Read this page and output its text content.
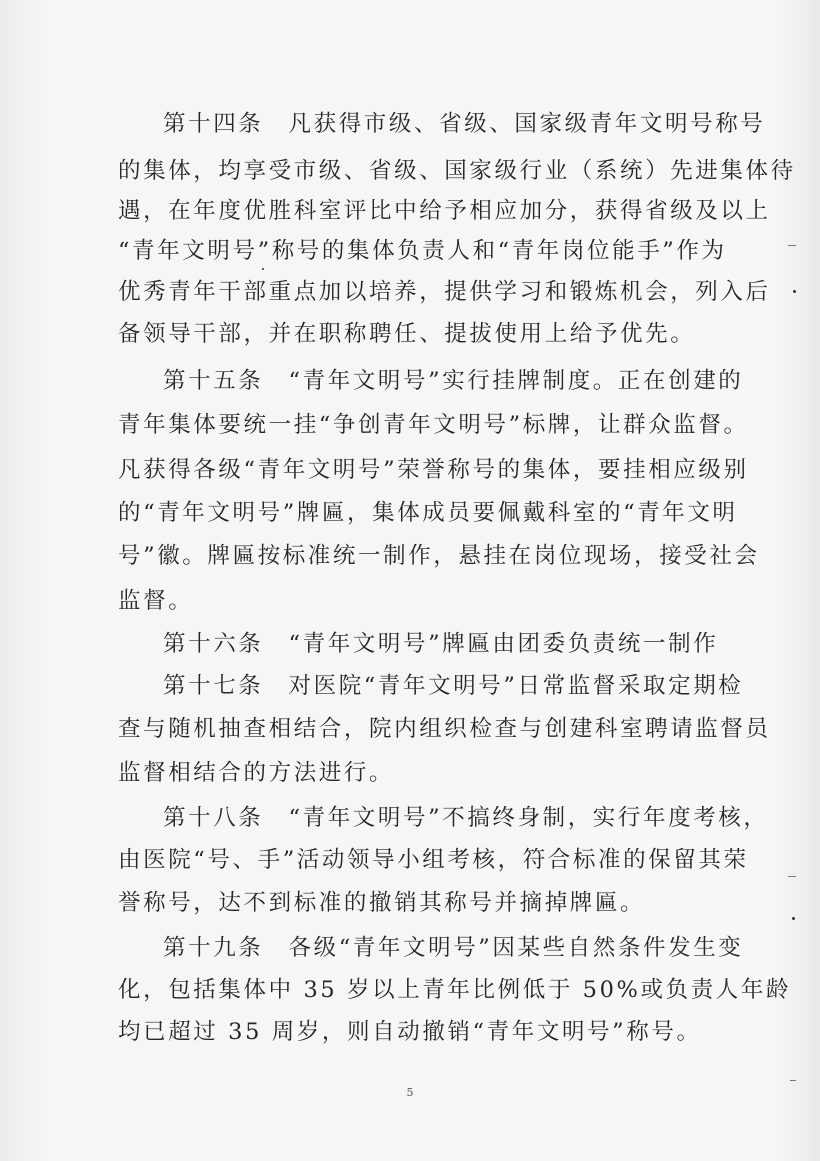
第十四条　凡获得市级、省级、国家级青年文明号称号
的集体，均享受市级、省级、国家级行业（系统）先进集体待
遇，在年度优胜科室评比中给予相应加分，获得省级及以上
“青年文明号”称号的集体负责人和“青年岗位能手”作为
优秀青年干部重点加以培养，提供学习和锻炼机会，列入后
备领导干部，并在职称聘任、提拔使用上给予优先。
第十五条　“青年文明号”实行挂牌制度。正在创建的
青年集体要统一挂“争创青年文明号”标牌，让群众监督。
凡获得各级“青年文明号”荣誉称号的集体，要挂相应级别
的“青年文明号”牌匾，集体成员要佩戴科室的“青年文明
号”徽。牌匾按标准统一制作，悬挂在岗位现场，接受社会
监督。
第十六条　“青年文明号”牌匾由团委负责统一制作
第十七条　对医院“青年文明号”日常监督采取定期检
查与随机抽查相结合，院内组织检查与创建科室聘请监督员
监督相结合的方法进行。
第十八条　“青年文明号”不搞终身制，实行年度考核，
由医院“号、手”活动领导小组考核，符合标准的保留其荣
誉称号，达不到标准的撤销其称号并摘掉牌匾。
第十九条　各级“青年文明号”因某些自然条件发生变
化，包括集体中 35 岁以上青年比例低于 50%或负责人年龄
均已超过 35 周岁，则自动撤销“青年文明号”称号。
5
